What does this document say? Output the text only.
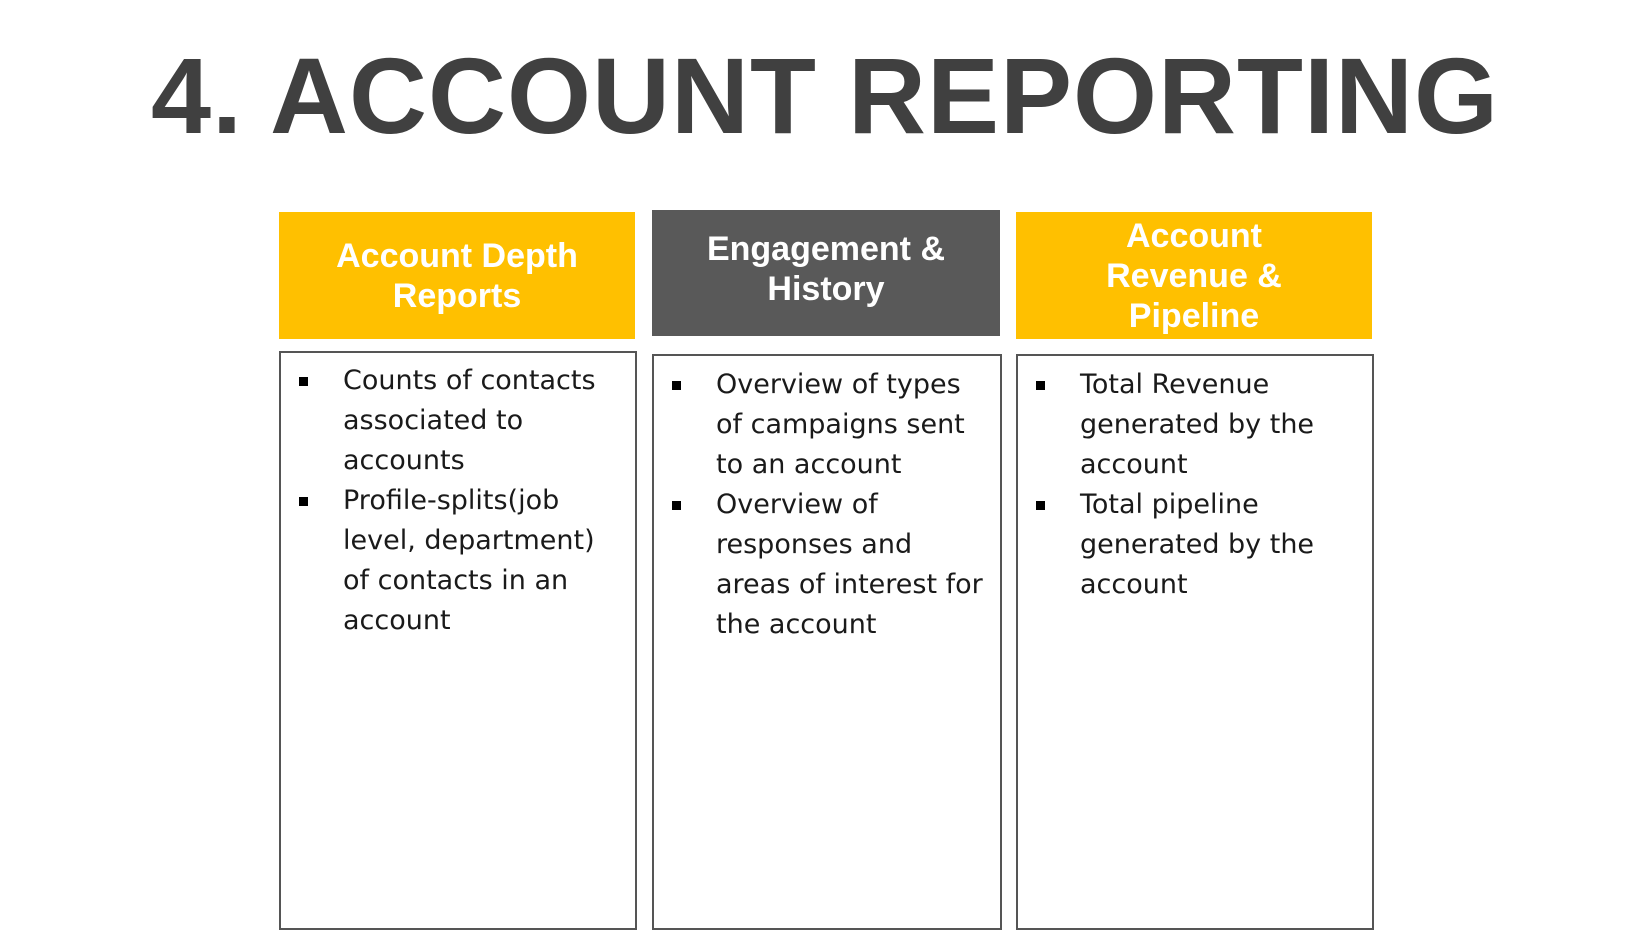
4. ACCOUNT REPORTING
Account Depth
Reports
Counts of contacts associated to accounts
Profile-splits(job level, department) of contacts in an account
Engagement &
History
Overview of types of campaigns sent to an account
Overview of responses and areas of interest for the account
Account
Revenue &
Pipeline
Total Revenue generated by the account
Total pipeline generated by the account
